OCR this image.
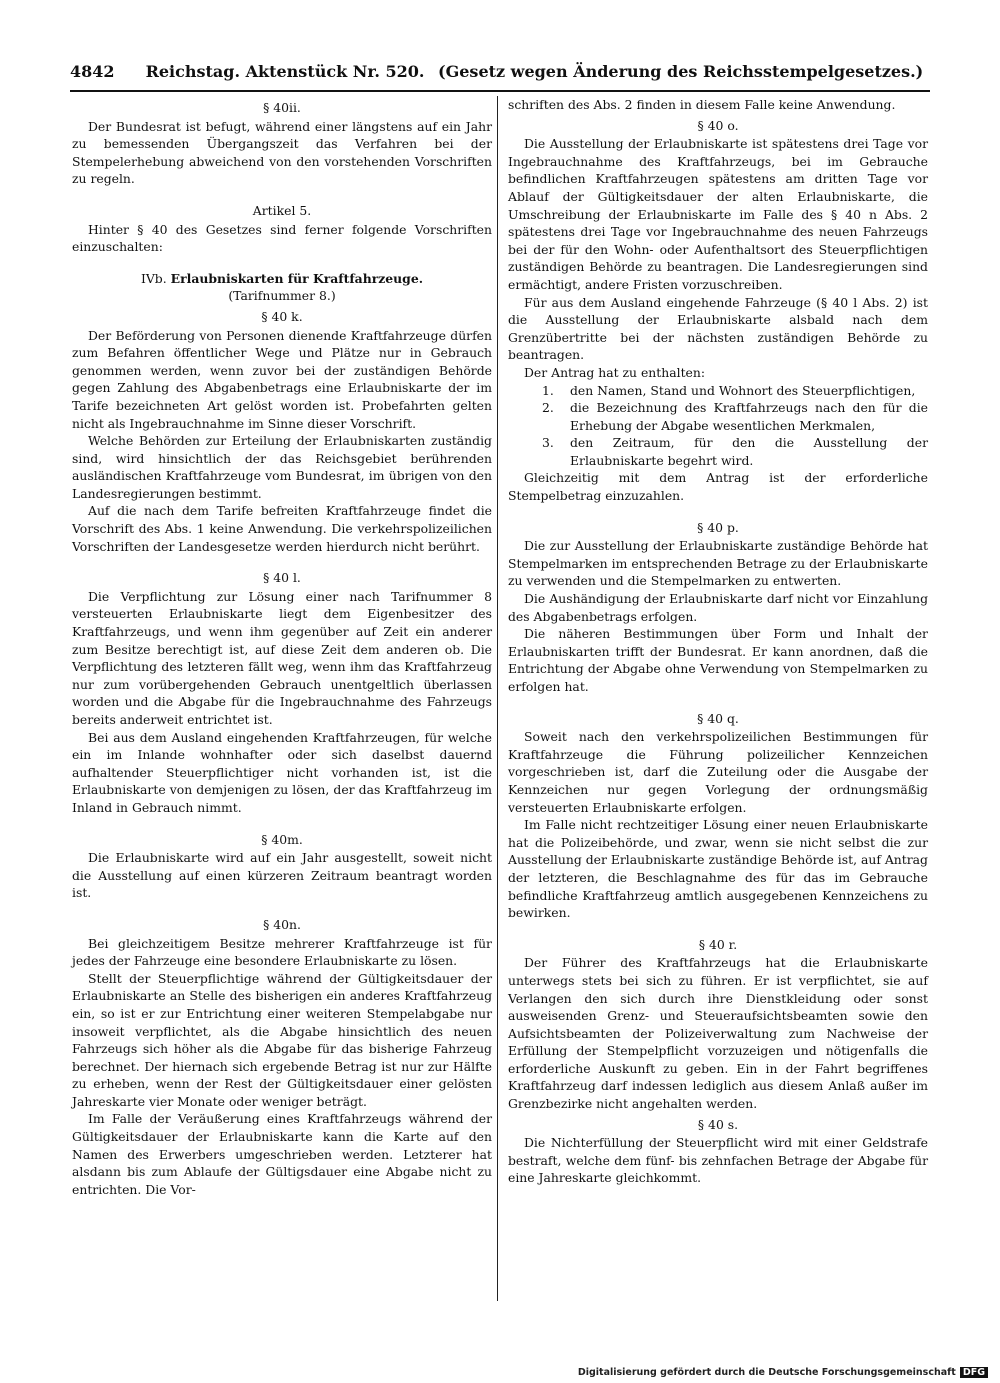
4842 Reichstag. Aktenstück Nr. 520. (Gesetz wegen Änderung des Reichsstempelgesetzes.)
§ 40ii.

Der Bundesrat ist befugt, während einer längstens auf ein Jahr zu bemessenden Übergangszeit das Verfahren bei der Stempelerhebung abweichend von den vorstehenden Vorschriften zu regeln.

Artikel 5.

Hinter § 40 des Gesetzes sind ferner folgende Vorschriften einzuschalten:

IVb. Erlaubniskarten für Kraftfahrzeuge.
(Tarifnummer 8.)
§ 40 k.

Der Beförderung von Personen dienende Kraftfahrzeuge dürfen zum Befahren öffentlicher Wege und Plätze nur in Gebrauch genommen werden, wenn zuvor bei der zuständigen Behörde gegen Zahlung des Abgabenbetrags eine Erlaubniskarte der im Tarife bezeichneten Art gelöst worden ist. Probefahrten gelten nicht als Ingebrauchnahme im Sinne dieser Vorschrift.

Welche Behörden zur Erteilung der Erlaubniskarten zuständig sind, wird hinsichtlich der das Reichsgebiet berührenden ausländischen Kraftfahrzeuge vom Bundesrat, im übrigen von den Landesregierungen bestimmt.

Auf die nach dem Tarife befreiten Kraftfahrzeuge findet die Vorschrift des Abs. 1 keine Anwendung. Die verkehrspolizeilichen Vorschriften der Landesgesetze werden hierdurch nicht berührt.

§ 40 l.

Die Verpflichtung zur Lösung einer nach Tarifnummer 8 versteuerten Erlaubniskarte liegt dem Eigenbesitzer des Kraftfahrzeugs, und wenn ihm gegenüber auf Zeit ein anderer zum Besitze berechtigt ist, auf diese Zeit dem anderen ob. Die Verpflichtung des letzteren fällt weg, wenn ihm das Kraftfahrzeug nur zum vorübergehenden Gebrauch unentgeltlich überlassen worden und die Abgabe für die Ingebrauchnahme des Fahrzeugs bereits anderweit entrichtet ist.

Bei aus dem Ausland eingehenden Kraftfahrzeugen, für welche ein im Inlande wohnhafter oder sich daselbst dauernd aufhaltender Steuerpflichtiger nicht vorhanden ist, ist die Erlaubniskarte von demjenigen zu lösen, der das Kraftfahrzeug im Inland in Gebrauch nimmt.

§ 40m.

Die Erlaubniskarte wird auf ein Jahr ausgestellt, soweit nicht die Ausstellung auf einen kürzeren Zeitraum beantragt worden ist.

§ 40n.

Bei gleichzeitigem Besitze mehrerer Kraftfahrzeuge ist für jedes der Fahrzeuge eine besondere Erlaubniskarte zu lösen.

Stellt der Steuerpflichtige während der Gültigkeitsdauer der Erlaubniskarte an Stelle des bisherigen ein anderes Kraftfahrzeug ein, so ist er zur Entrichtung einer weiteren Stempelabgabe nur insoweit verpflichtet, als die Abgabe hinsichtlich des neuen Fahrzeugs sich höher als die Abgabe für das bisherige Fahrzeug berechnet. Der hiernach sich ergebende Betrag ist nur zur Hälfte zu erheben, wenn der Rest der Gültigkeitsdauer einer gelösten Jahreskarte vier Monate oder weniger beträgt.

Im Falle der Veräußerung eines Kraftfahrzeugs während der Gültigkeitsdauer der Erlaubniskarte kann die Karte auf den Namen des Erwerbers umgeschrieben werden. Letzterer hat alsdann bis zum Ablaufe der Gültigsdauer eine Abgabe nicht zu entrichten. Die Vor-

schriften des Abs. 2 finden in diesem Falle keine Anwendung.

§ 40 o.

Die Ausstellung der Erlaubniskarte ist spätestens drei Tage vor Ingebrauchnahme des Kraftfahrzeugs, bei im Gebrauche befindlichen Kraftfahrzeugen spätestens am dritten Tage vor Ablauf der Gültigkeitsdauer der alten Erlaubniskarte, die Umschreibung der Erlaubniskarte im Falle des § 40 n Abs. 2 spätestens drei Tage vor Ingebrauchnahme des neuen Fahrzeugs bei der für den Wohn- oder Aufenthaltsort des Steuerpflichtigen zuständigen Behörde zu beantragen. Die Landesregierungen sind ermächtigt, andere Fristen vorzuschreiben.

Für aus dem Ausland eingehende Fahrzeuge (§ 40 l Abs. 2) ist die Ausstellung der Erlaubniskarte alsbald nach dem Grenzübertritte bei der nächsten zuständigen Behörde zu beantragen.

Der Antrag hat zu enthalten:

1. den Namen, Stand und Wohnort des Steuerpflichtigen,
2. die Bezeichnung des Kraftfahrzeugs nach den für die Erhebung der Abgabe wesentlichen Merkmalen,
3. den Zeitraum, für den die Ausstellung der Erlaubniskarte begehrt wird.

Gleichzeitig mit dem Antrag ist der erforderliche Stempelbetrag einzuzahlen.

§ 40 p.

Die zur Ausstellung der Erlaubniskarte zuständige Behörde hat Stempelmarken im entsprechenden Betrage zu der Erlaubniskarte zu verwenden und die Stempelmarken zu entwerten.

Die Aushändigung der Erlaubniskarte darf nicht vor Einzahlung des Abgabenbetrags erfolgen.

Die näheren Bestimmungen über Form und Inhalt der Erlaubniskarten trifft der Bundesrat. Er kann anordnen, daß die Entrichtung der Abgabe ohne Verwendung von Stempelmarken zu erfolgen hat.

§ 40 q.

Soweit nach den verkehrspolizeilichen Bestimmungen für Kraftfahrzeuge die Führung polizeilicher Kennzeichen vorgeschrieben ist, darf die Zuteilung oder die Ausgabe der Kennzeichen nur gegen Vorlegung der ordnungsmäßig versteuerten Erlaubniskarte erfolgen.

Im Falle nicht rechtzeitiger Lösung einer neuen Erlaubniskarte hat die Polizeibehörde, und zwar, wenn sie nicht selbst die zur Ausstellung der Erlaubniskarte zuständige Behörde ist, auf Antrag der letzteren, die Beschlagnahme des für das im Gebrauche befindliche Kraftfahrzeug amtlich ausgegebenen Kennzeichens zu bewirken.

§ 40 r.

Der Führer des Kraftfahrzeugs hat die Erlaubniskarte unterwegs stets bei sich zu führen. Er ist verpflichtet, sie auf Verlangen den sich durch ihre Dienstkleidung oder sonst ausweisenden Grenz- und Steueraufsichtsbeamten sowie den Aufsichtsbeamten der Polizeiverwaltung zum Nachweise der Erfüllung der Stempelpflicht vorzuzeigen und nötigenfalls die erforderliche Auskunft zu geben. Ein in der Fahrt begriffenes Kraftfahrzeug darf indessen lediglich aus diesem Anlaß außer im Grenzbezirke nicht angehalten werden.

§ 40 s.

Die Nichterfüllung der Steuerpflicht wird mit einer Geldstrafe bestraft, welche dem fünf- bis zehnfachen Betrage der Abgabe für eine Jahreskarte gleichkommt.

Digitalisierung gefördert durch die Deutsche Forschungsgemeinschaft DFG
